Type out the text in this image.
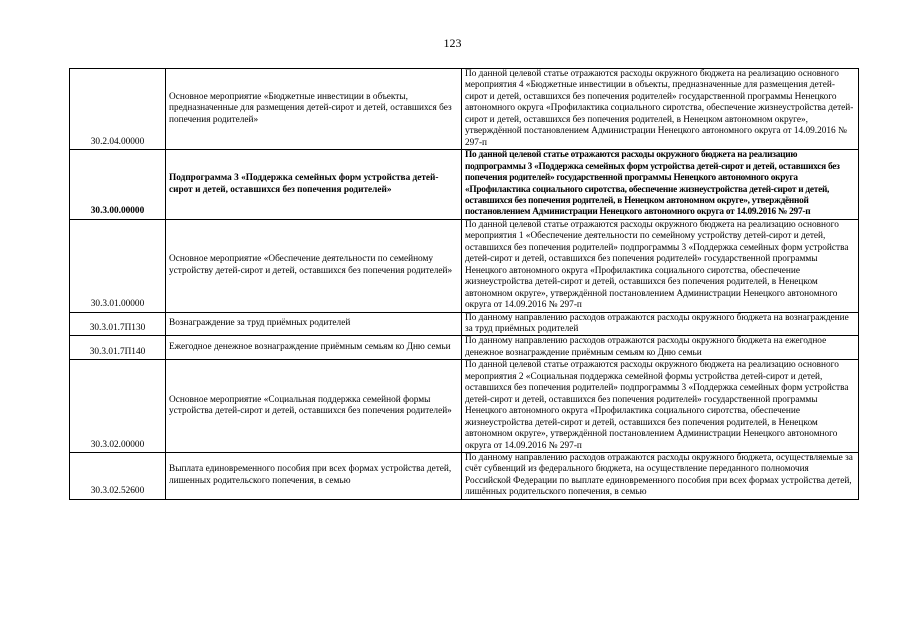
123
30.2.04.00000	Основное мероприятие «Бюджетные инвестиции в объекты, предназначенные для размещения детей-сирот и детей, оставшихся без попечения родителей»	По данной целевой статье отражаются расходы окружного бюджета на реализацию основного мероприятия 4 «Бюджетные инвестиции в объекты, предназначенные для размещения детей-сирот и детей, оставшихся без попечения родителей» государственной программы Ненецкого автономного округа «Профилактика социального сиротства, обеспечение жизнеустройства детей-сирот и детей, оставшихся без попечения родителей, в Ненецком автономном округе», утверждённой постановлением Администрации Ненецкого автономного округа от 14.09.2016 № 297-п
30.3.00.00000	Подпрограмма 3 «Поддержка семейных форм устройства детей-сирот и детей, оставшихся без попечения родителей»	По данной целевой статье отражаются расходы окружного бюджета на реализацию подпрограммы 3 «Поддержка семейных форм устройства детей-сирот и детей, оставшихся без попечения родителей» государственной программы Ненецкого автономного округа «Профилактика социального сиротства, обеспечение жизнеустройства детей-сирот и детей, оставшихся без попечения родителей, в Ненецком автономном округе», утверждённой постановлением Администрации Ненецкого автономного округа от 14.09.2016 № 297-п
30.3.01.00000	Основное мероприятие «Обеспечение деятельности по семейному устройству детей-сирот и детей, оставшихся без попечения родителей»	По данной целевой статье отражаются расходы окружного бюджета на реализацию основного мероприятия 1 «Обеспечение деятельности по семейному устройству детей-сирот и детей, оставшихся без попечения родителей» подпрограммы 3 «Поддержка семейных форм устройства детей-сирот и детей, оставшихся без попечения родителей» государственной программы Ненецкого автономного округа «Профилактика социального сиротства, обеспечение жизнеустройства детей-сирот и детей, оставшихся без попечения родителей, в Ненецком автономном округе», утверждённой постановлением Администрации Ненецкого автономного округа от 14.09.2016 № 297-п
30.3.01.7П130	Вознаграждение за труд приёмных родителей	По данному направлению расходов отражаются расходы окружного бюджета на вознаграждение за труд приёмных родителей
30.3.01.7П140	Ежегодное денежное вознаграждение приёмным семьям ко Дню семьи	По данному направлению расходов отражаются расходы окружного бюджета на ежегодное денежное вознаграждение приёмным семьям ко Дню семьи
30.3.02.00000	Основное мероприятие «Социальная поддержка семейной формы устройства детей-сирот и детей, оставшихся без попечения родителей»	По данной целевой статье отражаются расходы окружного бюджета на реализацию основного мероприятия 2 «Социальная поддержка семейной формы устройства детей-сирот и детей, оставшихся без попечения родителей» подпрограммы 3 «Поддержка семейных форм устройства детей-сирот и детей, оставшихся без попечения родителей» государственной программы Ненецкого автономного округа «Профилактика социального сиротства, обеспечение жизнеустройства детей-сирот и детей, оставшихся без попечения родителей, в Ненецком автономном округе», утверждённой постановлением Администрации Ненецкого автономного округа от 14.09.2016 № 297-п
30.3.02.52600	Выплата единовременного пособия при всех формах устройства детей, лишенных родительского попечения, в семью	По данному направлению расходов отражаются расходы окружного бюджета, осуществляемые за счёт субвенций из федерального бюджета, на осуществление переданного полномочия Российской Федерации по выплате единовременного пособия при всех формах устройства детей, лишённых родительского попечения, в семью
